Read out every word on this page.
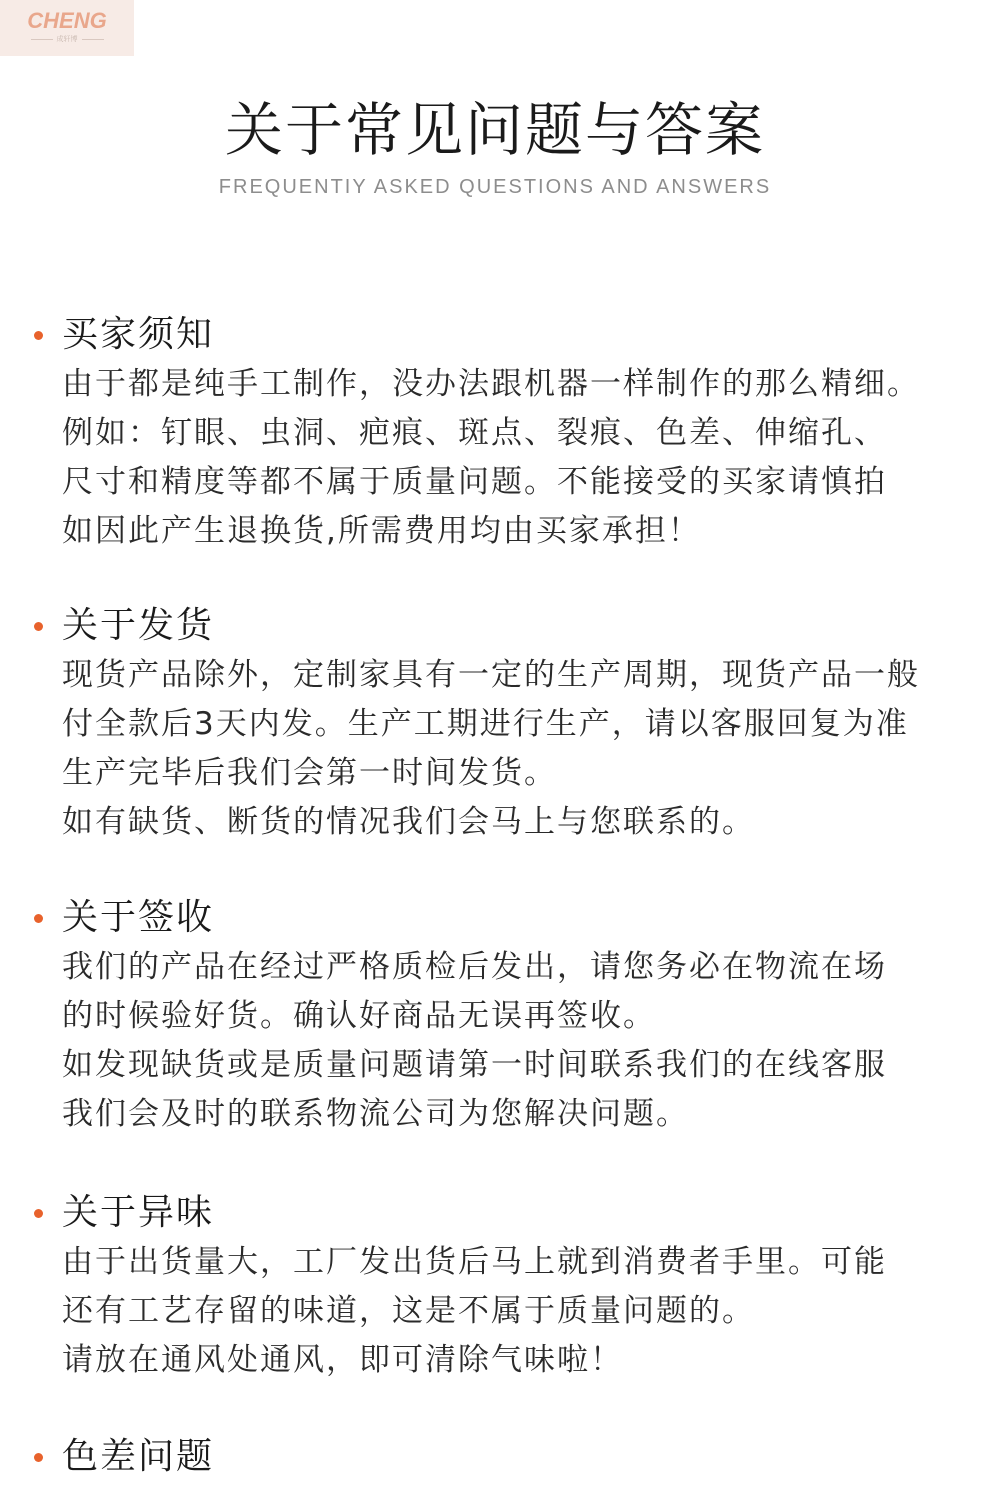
CHENG
成轩博
关于常见问题与答案
FREQUENTIY ASKED QUESTIONS AND ANSWERS
买家须知
由于都是纯手工制作，没办法跟机器一样制作的那么精细。
例如：钉眼、虫洞、疤痕、斑点、裂痕、色差、伸缩孔、
尺寸和精度等都不属于质量问题。不能接受的买家请慎拍
如因此产生退换货,所需费用均由买家承担！
关于发货
现货产品除外，定制家具有一定的生产周期，现货产品一般
付全款后3天内发。生产工期进行生产，请以客服回复为准
生产完毕后我们会第一时间发货。
如有缺货、断货的情况我们会马上与您联系的。
关于签收
我们的产品在经过严格质检后发出，请您务必在物流在场
的时候验好货。确认好商品无误再签收。
如发现缺货或是质量问题请第一时间联系我们的在线客服
我们会及时的联系物流公司为您解决问题。
关于异味
由于出货量大，工厂发出货后马上就到消费者手里。可能
还有工艺存留的味道，这是不属于质量问题的。
请放在通风处通风，即可清除气味啦！
色差问题
